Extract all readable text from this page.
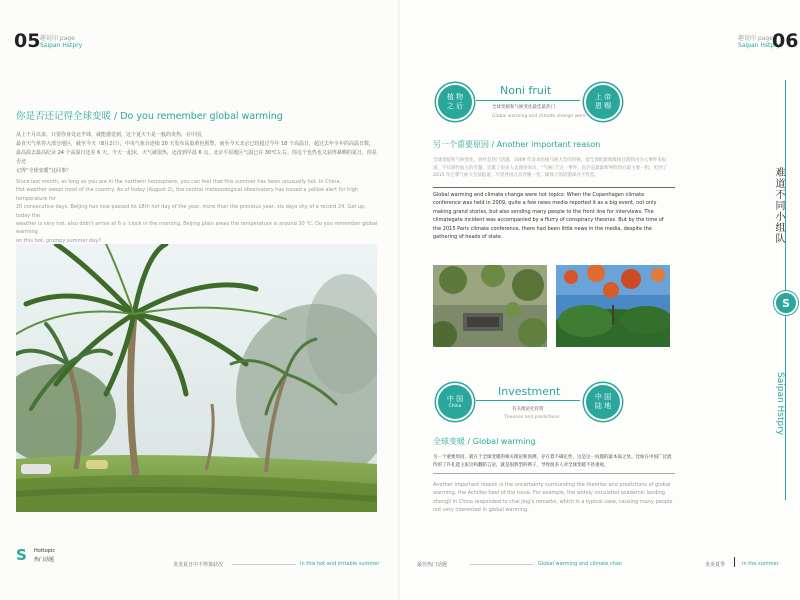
05 趣说印 page
Saipan Hstpry
你是否还记得全球变暖 / Do you remember global warming
从上个月以来，只要你身处北半球，就能感觉到，这个夏天不是一般的炎热。在中国，
最直天气单券大部分地区，截至今天（8月2日），中央气象台连续 20 天发布高温黄色预警。而至今天北京已经超过今年 18 个高温日，超过去年全年的高温日数，
最高温去最高纪录 24 个高温日还差 6 天。今天一起床，天气就很热，还没到早晨 6 点，北京平原地区气温已在 30℃左右。你这个也热也又获得暴晒的夏日，你是否还
记得“全球变暖”这回事？
Since last month, as long as you are in the northern hemisphere, you can feel that this summer has been unusually hot. In China,
Hot weather swept most of the country. As of today (August 2), the central meteorological observatory has issued a yellow alert for high temperature for
20 consecutive days. Beijing has now passed its 18th hot day of the year, more than the previous year, six days shy of a record 24. Get up, today the
weather is very hot, also didn't arrive at 6 o 'clock in the morning, Beijing plain areas the temperature is around 30 ℃. Do you remember global warming
on this hot, grumpy summer day?
S Hottopic
热门话题
炎炎夏日中不得靠狀况	In this hot and irritable summer
趣说印 page
Saipan Hstpry
06
植 物
之 后
Noni fruit
全球变暖和气候变化最佳最热门
Global warming and climate change were
上 帝
恩 赐
另一个重要原因 / Another important reason
全球变暖和气候变化，曾经是热门话题。2009 年哥本哈根气候大会的时候，能全部把新闻媒体还派我由为大事件来报道，不仅制作报大的专题，还派了很多人去现场采访，“气候门”这一事件，也许是最最新界阶段后最主要一机。但到了 2015 年巴黎气候大会前报道，尽管各国元首齐聚一堂，媒体上的话题却并不热烈。
Global warming and climate change were hot topics: When the Copenhagen climate conference was held in 2009, quite a few news media reported it as a big event, not only making grand stories, but also sending many people to the front line for interviews. The climategate incident was accompanied by a flurry of conspiracy theories. But by the time of the 2015 Paris climate conference, there had been little news in the media, despite the gathering of heads of state.
中 国
China
Investment
有关理论化投资
Theories and predictions
中 国
陆 地
全球变暖 / Global warming
另一个重要原因，就在于全球变暖的相关理论和预测，存在着不确定性，这是这一问题的最本质之处。比如在中国广泛流传的了许礼能主张这和翻防言论，就是很典型的例子，导致很多人对全球变暖不甚重视。
Another important reason is the uncertainty surrounding the theories and predictions of global warming, the Achilles heel of the issue. For example, the widely circulated academic landing zhongli in China responded to chai jing's remarks, which is a typical case, causing many people not very interested in global warming.
难道不同小组队
S
Saipan Hstpry
最佳热门话题	Global warming and climate chan	炎炎夏季	In the summer
